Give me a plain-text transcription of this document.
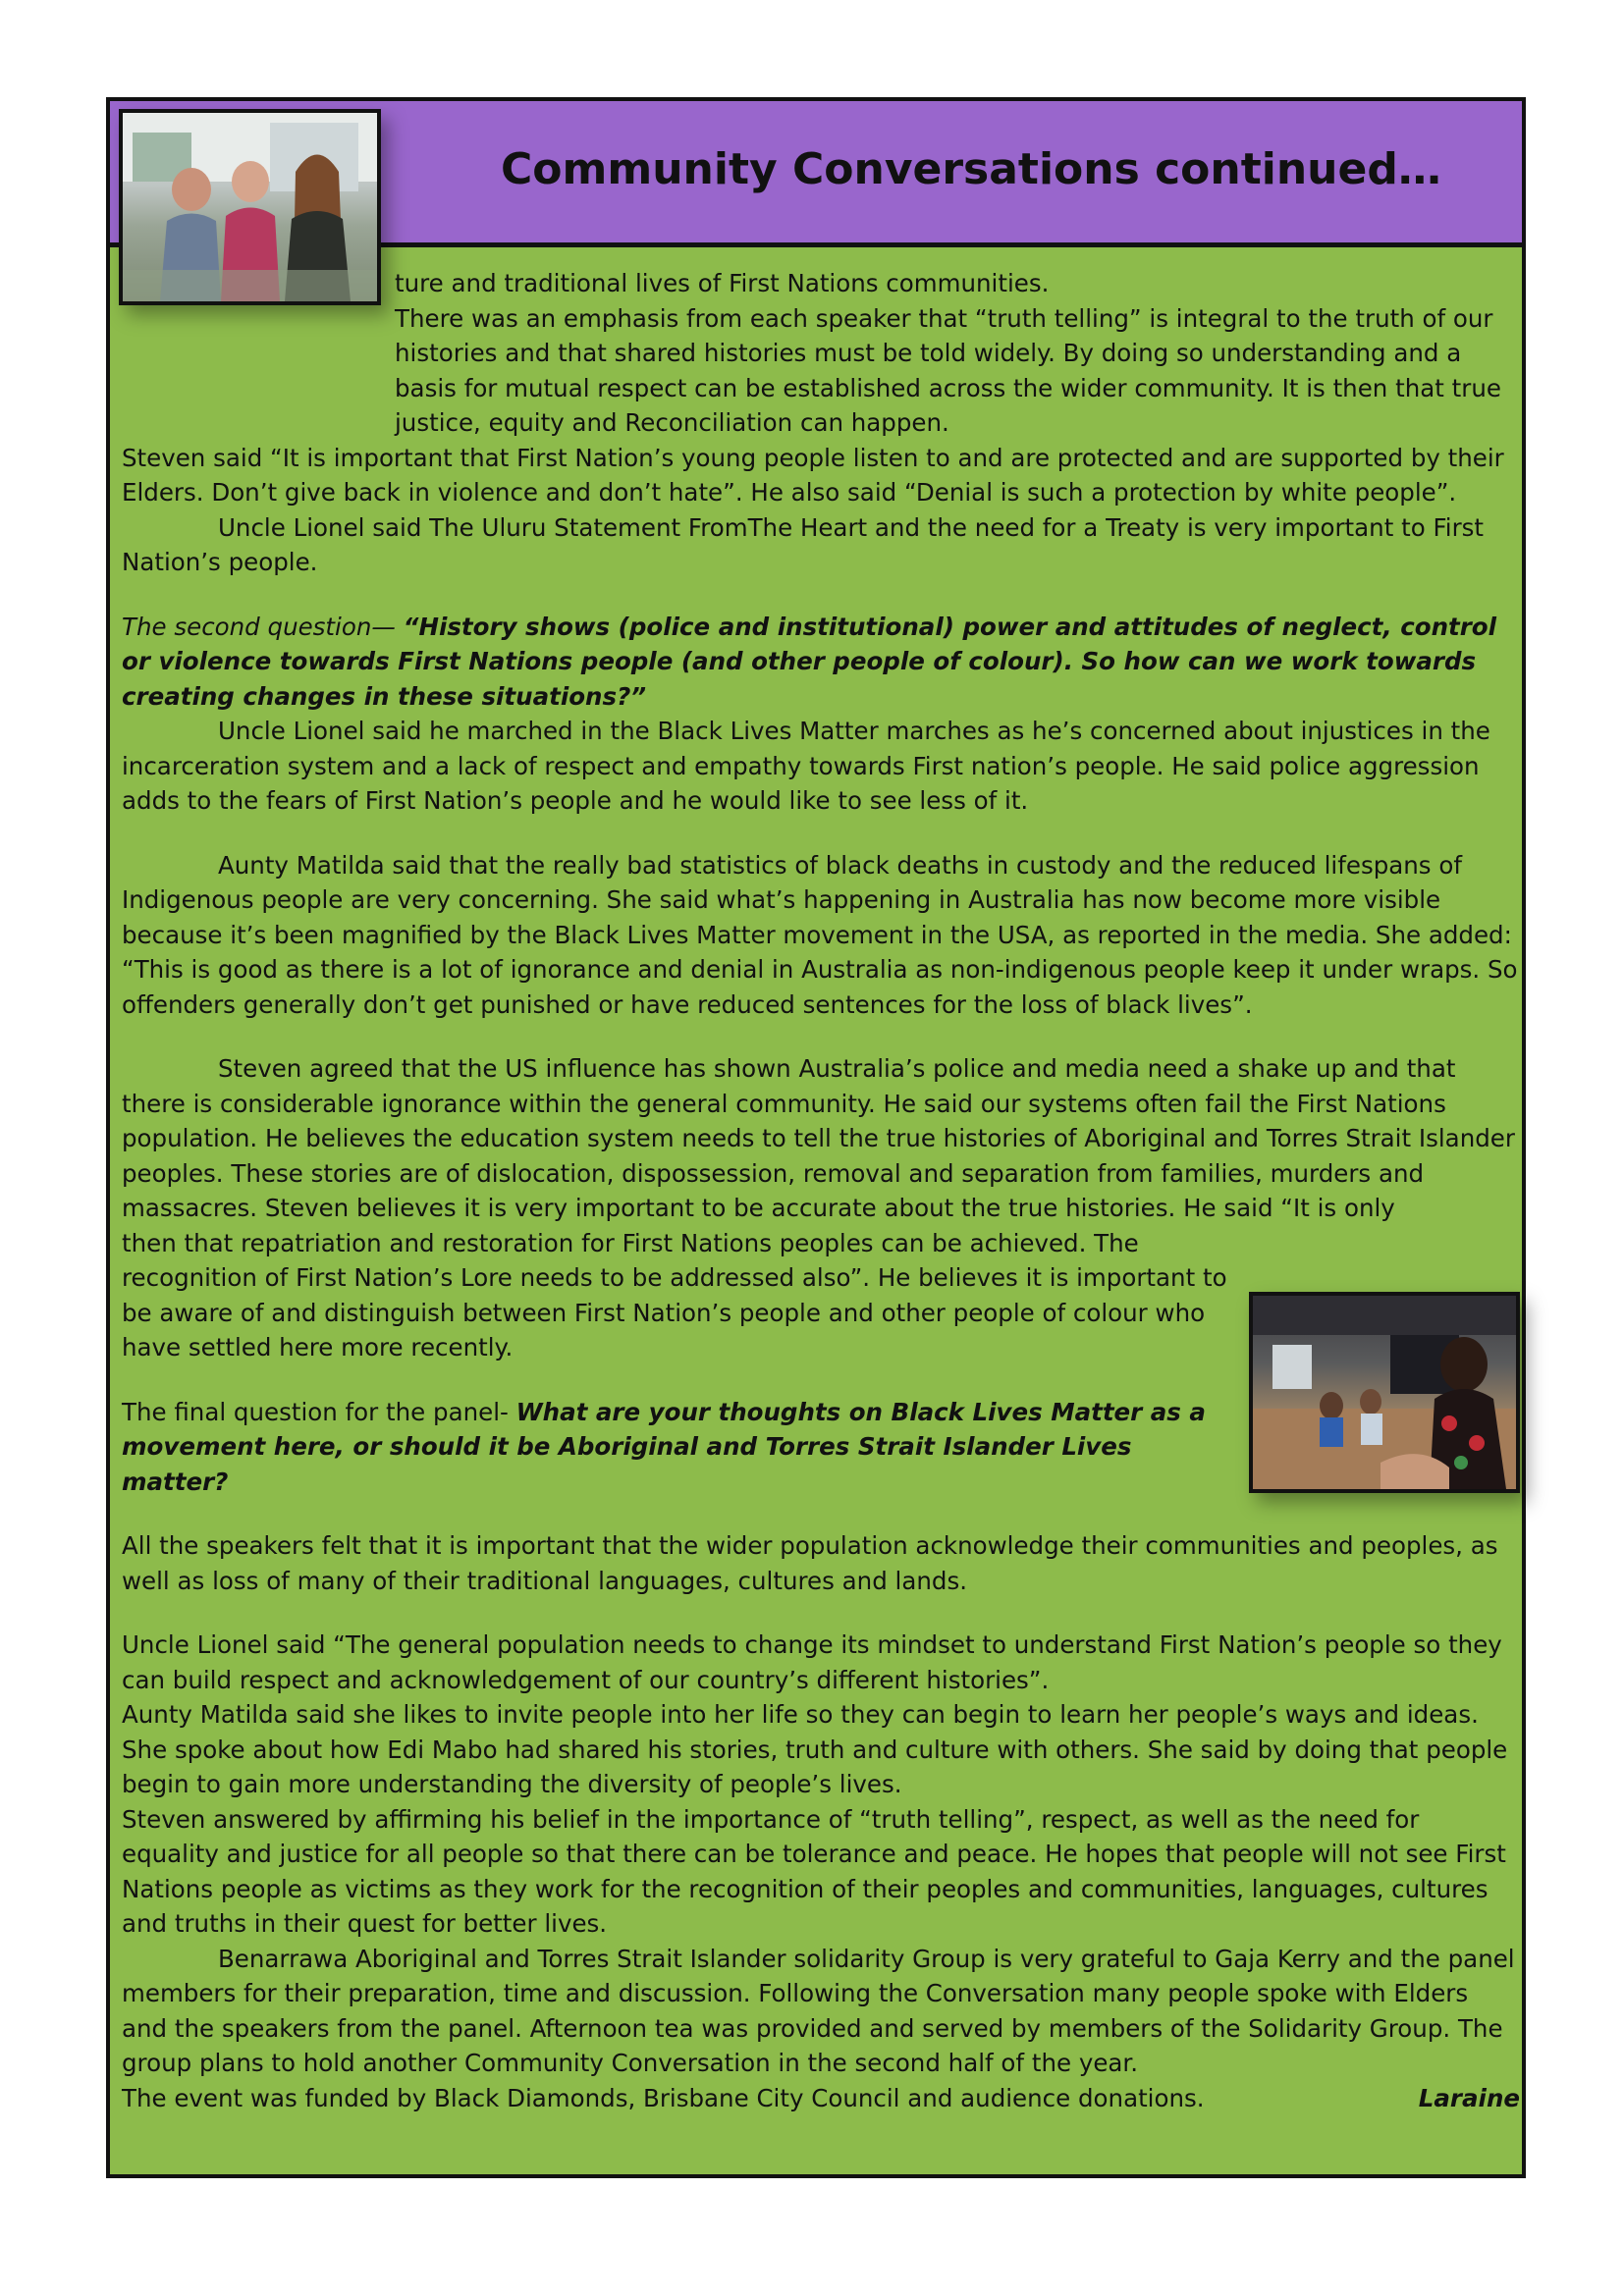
Community Conversations continued…

ture and traditional lives of First Nations communities.

There was an emphasis from each speaker that “truth telling” is integral to the truth of our histories and that shared histories must be told widely. By doing so understanding and a basis for mutual respect can be established across the wider community. It is then that true justice, equity and Reconciliation can happen.

Steven said “It is important that First Nation’s young people listen to and are protected and are supported by their Elders. Don’t give back in violence and don’t hate”. He also said “Denial is such a protection by white people”.

Uncle Lionel said The Uluru Statement FromThe Heart and the need for a Treaty is very important to First Nation’s people.

The second question— “History shows (police and institutional) power and attitudes of neglect, control or violence towards First Nations people (and other people of colour). So how can we work towards creating changes in these situations?”

Uncle Lionel said he marched in the Black Lives Matter marches as he’s concerned about injustices in the incarceration system and a lack of respect and empathy towards First nation’s people. He said police aggression adds to the fears of First Nation’s people and he would like to see less of it.

Aunty Matilda said that the really bad statistics of black deaths in custody and the reduced lifespans of Indigenous people are very concerning. She said what’s happening in Australia has now become more visible because it’s been magnified by the Black Lives Matter movement in the USA, as reported in the media. She added: “This is good as there is a lot of ignorance and denial in Australia as non-indigenous people keep it under wraps. So offenders generally don’t get punished or have reduced sentences for the loss of black lives”.

Steven agreed that the US influence has shown Australia’s police and media need a shake up and that there is considerable ignorance within the general community. He said our systems often fail the First Nations population. He believes the education system needs to tell the true histories of Aboriginal and Torres Strait Islander peoples. These stories are of dislocation, dispossession, removal and separation from families, murders and massacres. Steven believes it is very important to be accurate about the true histories. He said “It is only

then that repatriation and restoration for First Nations peoples can be achieved. The recognition of First Nation’s Lore needs to be addressed also”. He believes it is important to be aware of and distinguish between First Nation’s people and other people of colour who have settled here more recently.

The final question for the panel- What are your thoughts on Black Lives Matter as a movement here, or should it be Aboriginal and Torres Strait Islander Lives matter?

All the speakers felt that it is important that the wider population acknowledge their communities and peoples, as well as loss of many of their traditional languages, cultures and lands.

Uncle Lionel said “The general population needs to change its mindset to understand First Nation’s people so they can build respect and acknowledgement of our country’s different histories”.

Aunty Matilda said she likes to invite people into her life so they can begin to learn her people’s ways and ideas. She spoke about how Edi Mabo had shared his stories, truth and culture with others. She said by doing that people begin to gain more understanding the diversity of people’s lives.

Steven answered by affirming his belief in the importance of “truth telling”, respect, as well as the need for equality and justice for all people so that there can be tolerance and peace. He hopes that people will not see First Nations people as victims as they work for the recognition of their peoples and communities, languages, cultures and truths in their quest for better lives.

Benarrawa Aboriginal and Torres Strait Islander solidarity Group is very grateful to Gaja Kerry and the panel members for their preparation, time and discussion. Following the Conversation many people spoke with Elders and the speakers from the panel. Afternoon tea was provided and served by members of the Solidarity Group. The group plans to hold another Community Conversation in the second half of the year.

The event was funded by Black Diamonds, Brisbane City Council and audience donations.	Laraine
